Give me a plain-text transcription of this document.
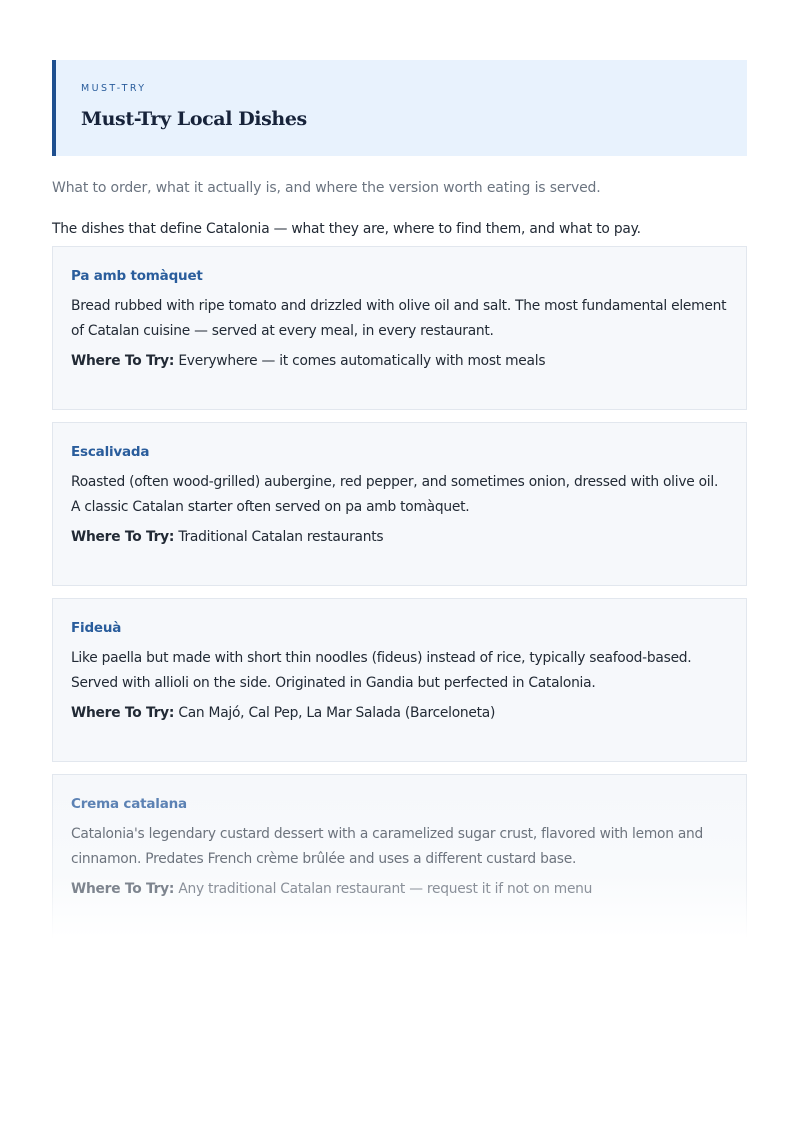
MUST-TRY
Must-Try Local Dishes
What to order, what it actually is, and where the version worth eating is served.
The dishes that define Catalonia — what they are, where to find them, and what to pay.
Pa amb tomàquet
Bread rubbed with ripe tomato and drizzled with olive oil and salt. The most fundamental element of Catalan cuisine — served at every meal, in every restaurant.
Where To Try: Everywhere — it comes automatically with most meals
Escalivada
Roasted (often wood-grilled) aubergine, red pepper, and sometimes onion, dressed with olive oil. A classic Catalan starter often served on pa amb tomàquet.
Where To Try: Traditional Catalan restaurants
Fideuà
Like paella but made with short thin noodles (fideus) instead of rice, typically seafood-based. Served with allioli on the side. Originated in Gandia but perfected in Catalonia.
Where To Try: Can Majó, Cal Pep, La Mar Salada (Barceloneta)
Crema catalana
Catalonia's legendary custard dessert with a caramelized sugar crust, flavored with lemon and cinnamon. Predates French crème brûlée and uses a different custard base.
Where To Try: Any traditional Catalan restaurant — request it if not on menu
